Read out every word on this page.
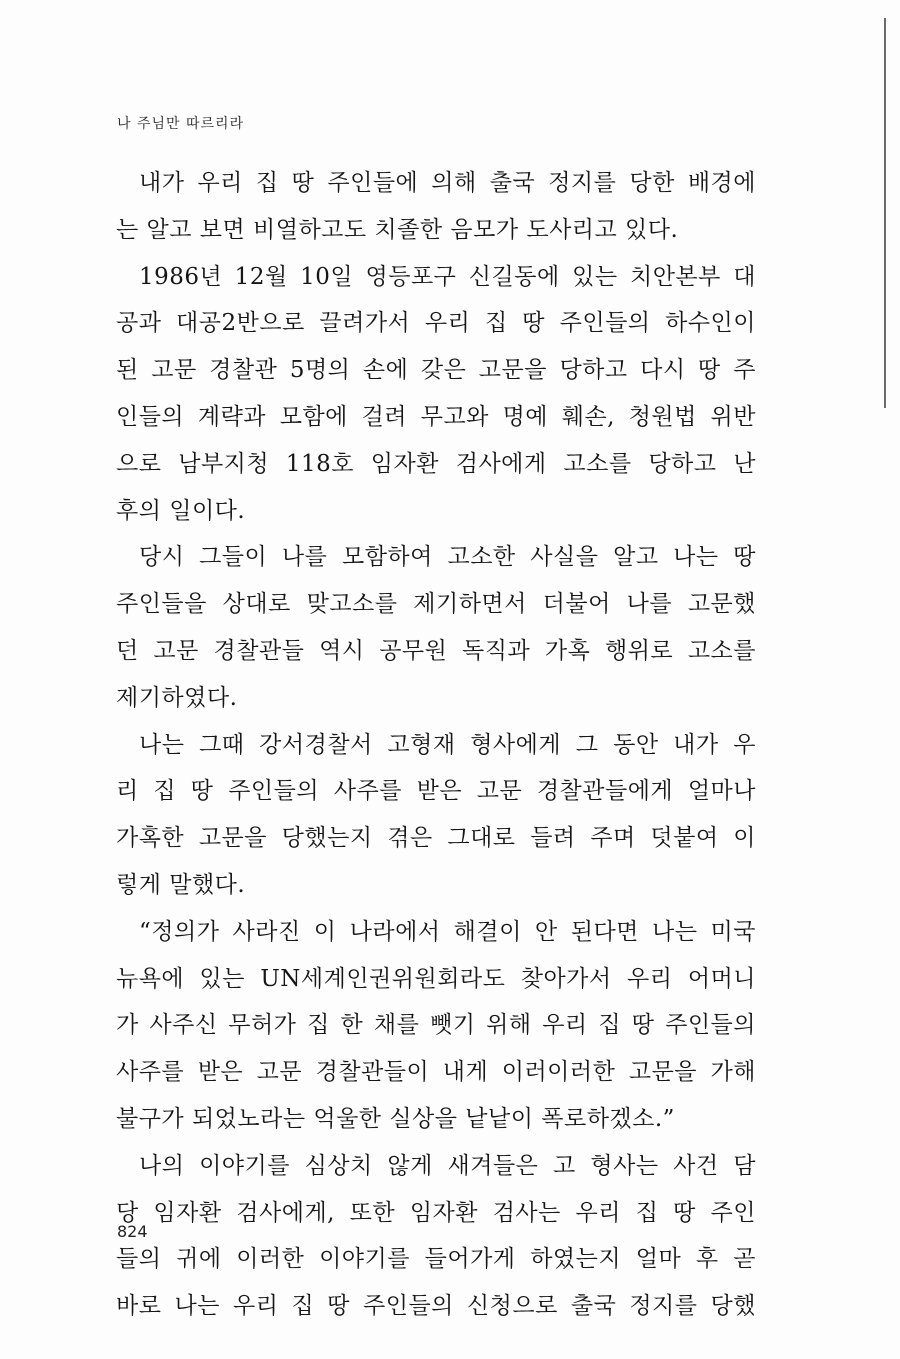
나 주님만 따르리라

내가 우리 집 땅 주인들에 의해 출국 정지를 당한 배경에
는 알고 보면 비열하고도 치졸한 음모가 도사리고 있다.

1986년 12월 10일 영등포구 신길동에 있는 치안본부 대
공과 대공2반으로 끌려가서 우리 집 땅 주인들의 하수인이
된 고문 경찰관 5명의 손에 갖은 고문을 당하고 다시 땅 주
인들의 계략과 모함에 걸려 무고와 명예 훼손, 청원법 위반
으로 남부지청 118호 임자환 검사에게 고소를 당하고 난
후의 일이다.

당시 그들이 나를 모함하여 고소한 사실을 알고 나는 땅
주인들을 상대로 맞고소를 제기하면서 더불어 나를 고문했
던 고문 경찰관들 역시 공무원 독직과 가혹 행위로 고소를
제기하였다.

나는 그때 강서경찰서 고형재 형사에게 그 동안 내가 우
리 집 땅 주인들의 사주를 받은 고문 경찰관들에게 얼마나
가혹한 고문을 당했는지 겪은 그대로 들려 주며 덧붙여 이
렇게 말했다.

“정의가 사라진 이 나라에서 해결이 안 된다면 나는 미국
뉴욕에 있는 UN세계인권위원회라도 찾아가서 우리 어머니
가 사주신 무허가 집 한 채를 뺏기 위해 우리 집 땅 주인들의
사주를 받은 고문 경찰관들이 내게 이러이러한 고문을 가해
불구가 되었노라는 억울한 실상을 낱낱이 폭로하겠소.”

나의 이야기를 심상치 않게 새겨들은 고 형사는 사건 담
당 임자환 검사에게, 또한 임자환 검사는 우리 집 땅 주인
들의 귀에 이러한 이야기를 들어가게 하였는지 얼마 후 곧
바로 나는 우리 집 땅 주인들의 신청으로 출국 정지를 당했

824
